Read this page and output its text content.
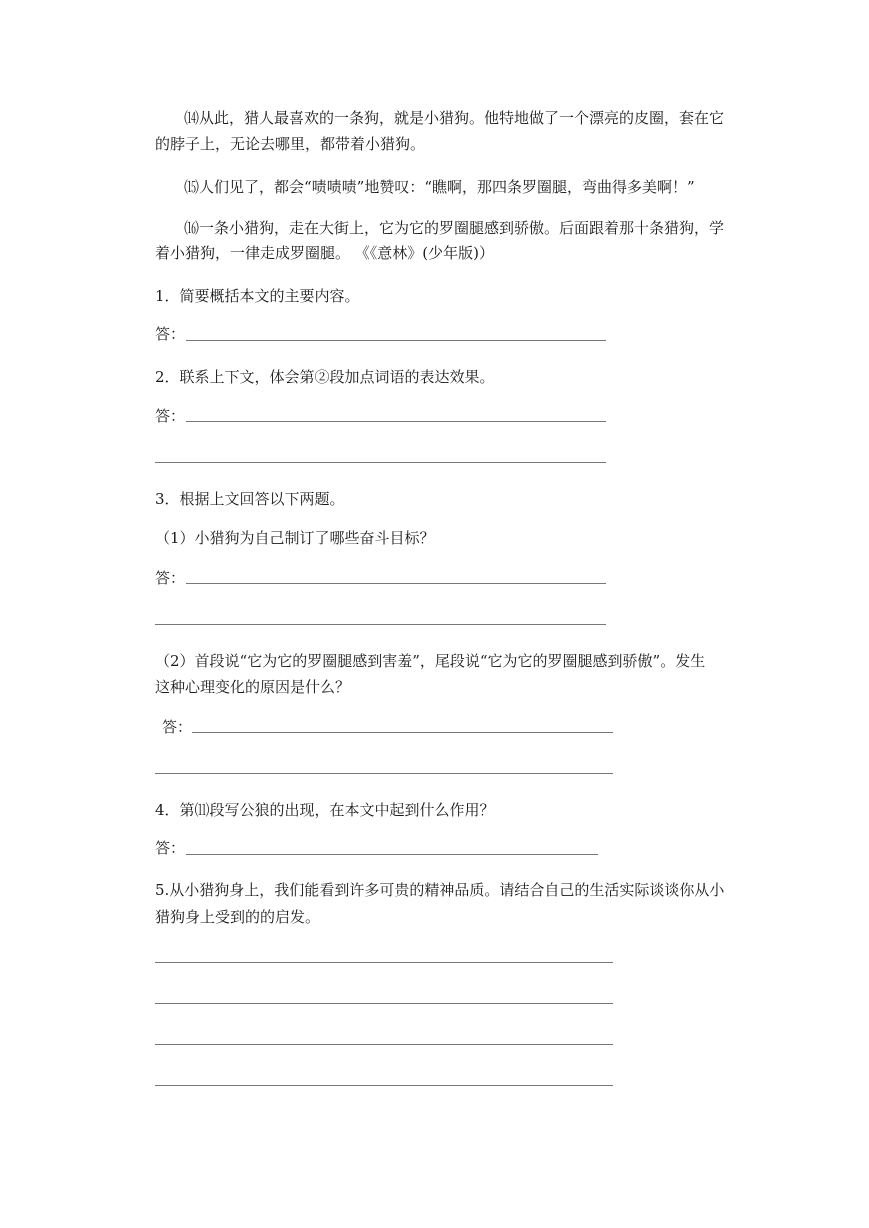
⒁从此，猎人最喜欢的一条狗，就是小猎狗。他特地做了一个漂亮的皮圈，套在它
的脖子上，无论去哪里，都带着小猎狗。
⒂人们见了，都会“啧啧啧”地赞叹：“瞧啊，那四条罗圈腿，弯曲得多美啊！”
⒃一条小猎狗，走在大街上，它为它的罗圈腿感到骄傲。后面跟着那十条猎狗，学
着小猎狗，一律走成罗圈腿。 《《意林》(少年版)）
1．简要概括本文的主要内容。
答：
2．联系上下文，体会第②段加点词语的表达效果。
答：
3．根据上文回答以下两题。
（1）小猎狗为自己制订了哪些奋斗目标？
答：
（2）首段说“它为它的罗圈腿感到害羞”，尾段说“它为它的罗圈腿感到骄傲”。发生
这种心理变化的原因是什么？
答：
4．第⑾段写公狼的出现，在本文中起到什么作用？
答：
5.从小猎狗身上，我们能看到许多可贵的精神品质。请结合自己的生活实际谈谈你从小
猎狗身上受到的的启发。
